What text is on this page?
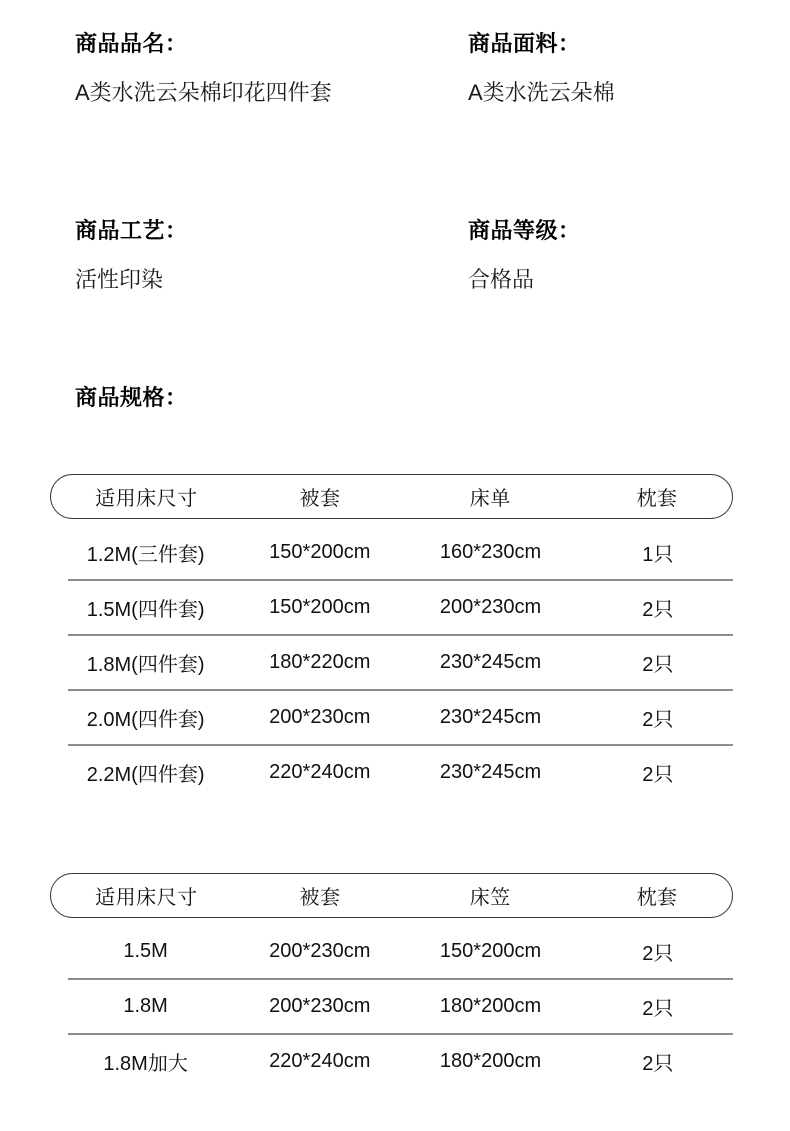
商品品名：
A类水洗云朵棉印花四件套
商品面料：
A类水洗云朵棉
商品工艺：
活性印染
商品等级：
合格品
商品规格：
适用床尺寸	被套	床单	枕套
1.2M(三件套)	150*200cm	160*230cm	1只
1.5M(四件套)	150*200cm	200*230cm	2只
1.8M(四件套)	180*220cm	230*245cm	2只
2.0M(四件套)	200*230cm	230*245cm	2只
2.2M(四件套)	220*240cm	230*245cm	2只
适用床尺寸	被套	床笠	枕套
1.5M	200*230cm	150*200cm	2只
1.8M	200*230cm	180*200cm	2只
1.8M加大	220*240cm	180*200cm	2只
